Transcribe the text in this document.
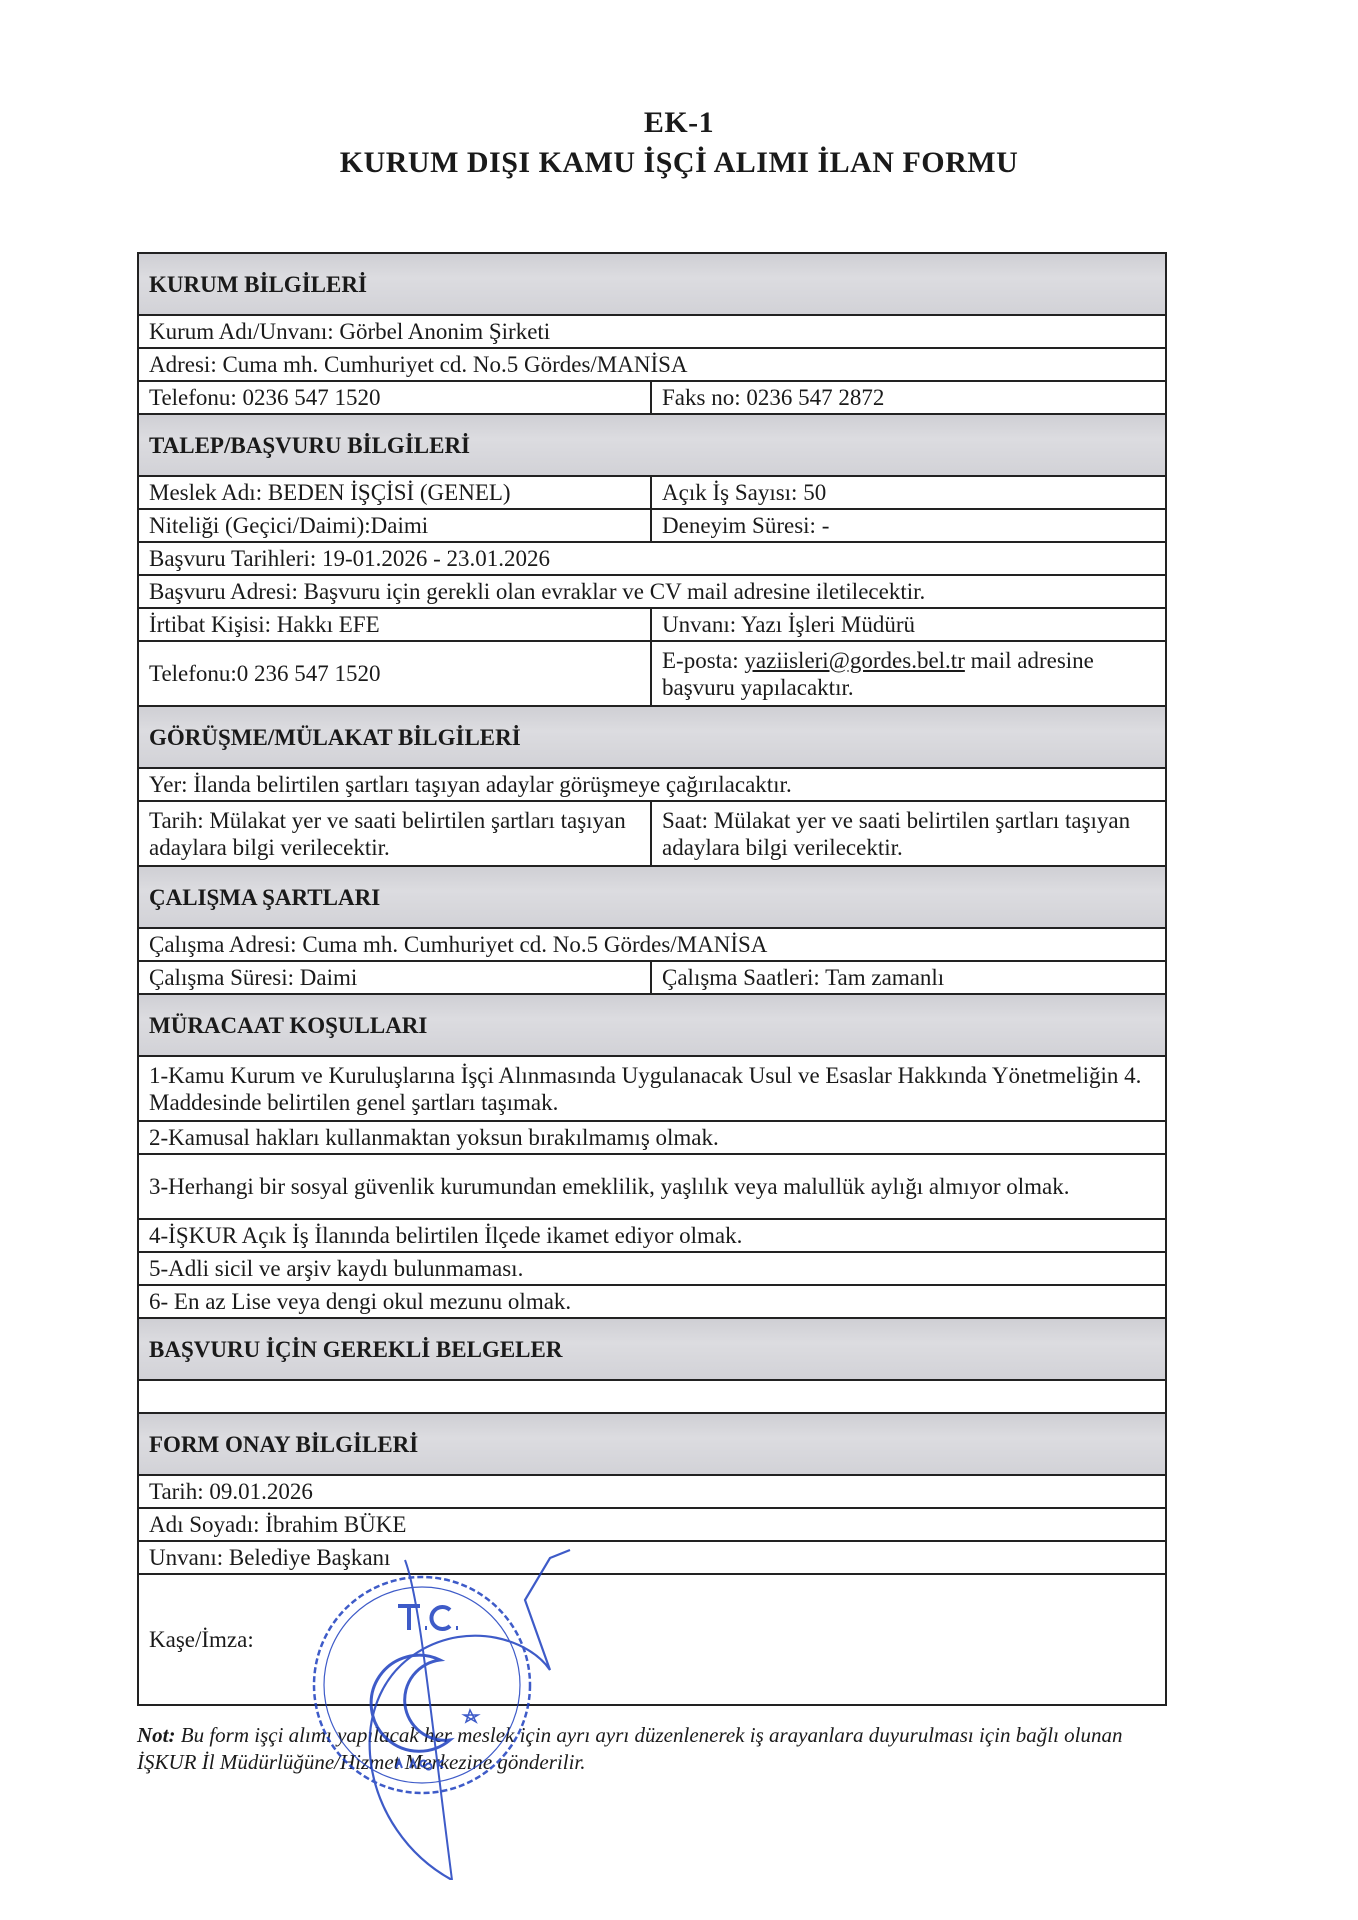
EK-1
KURUM DIŞI KAMU İŞÇİ ALIMI İLAN FORMU
KURUM BİLGİLERİ	
Kurum Adı/Unvanı: Görbel Anonim Şirketi	
Adresi: Cuma mh. Cumhuriyet cd. No.5 Gördes/MANİSA	
Telefonu: 0236 547 1520	Faks no: 0236 547 2872
TALEP/BAŞVURU BİLGİLERİ	
Meslek Adı: BEDEN İŞÇİSİ (GENEL)	Açık İş Sayısı: 50
Niteliği (Geçici/Daimi):Daimi	Deneyim Süresi: -
Başvuru Tarihleri: 19-01.2026 - 23.01.2026	
Başvuru Adresi: Başvuru için gerekli olan evraklar ve CV mail adresine iletilecektir.	
İrtibat Kişisi: Hakkı EFE	Unvanı: Yazı İşleri Müdürü
Telefonu:0 236 547 1520	E-posta: yaziisleri@gordes.bel.tr mail adresine başvuru yapılacaktır.
GÖRÜŞME/MÜLAKAT BİLGİLERİ	
Yer: İlanda belirtilen şartları taşıyan adaylar görüşmeye çağırılacaktır.	
Tarih: Mülakat yer ve saati belirtilen şartları taşıyan adaylara bilgi verilecektir.	Saat: Mülakat yer ve saati belirtilen şartları taşıyan adaylara bilgi verilecektir.
ÇALIŞMA ŞARTLARI	
Çalışma Adresi: Cuma mh. Cumhuriyet cd. No.5 Gördes/MANİSA	
Çalışma Süresi: Daimi	Çalışma Saatleri: Tam zamanlı
MÜRACAAT KOŞULLARI	
1-Kamu Kurum ve Kuruluşlarına İşçi Alınmasında Uygulanacak Usul ve Esaslar Hakkında Yönetmeliğin 4. Maddesinde belirtilen genel şartları taşımak.	
2-Kamusal hakları kullanmaktan yoksun bırakılmamış olmak.	
3-Herhangi bir sosyal güvenlik kurumundan emeklilik, yaşlılık veya malullük aylığı almıyor olmak.	
4-İŞKUR Açık İş İlanında belirtilen İlçede ikamet ediyor olmak.	
5-Adli sicil ve arşiv kaydı bulunmaması.	
6- En az Lise veya dengi okul mezunu olmak.	
BAŞVURU İÇİN GEREKLİ BELGELER	

FORM ONAY BİLGİLERİ	
Tarih: 09.01.2026	
Adı Soyadı: İbrahim BÜKE	
Unvanı: Belediye Başkanı	
Kaşe/İmza:	
Not: Bu form işçi alımı yapılacak her meslek için ayrı ayrı düzenlenerek iş arayanlara duyurulması için bağlı olunan İŞKUR İl Müdürlüğüne/Hizmet Merkezine gönderilir.
